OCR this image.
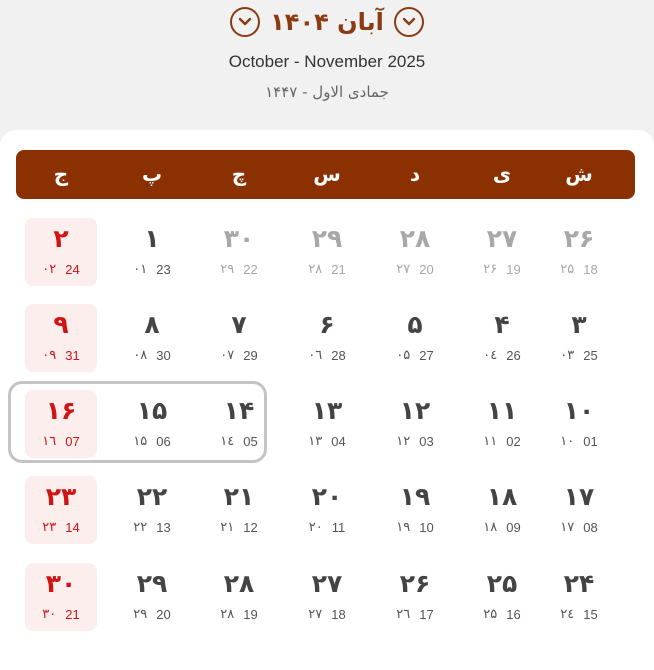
آبان ۱۴۰۴
October - November 2025
جمادی الاول - ۱۴۴۷
ش
ی
د
س
چ
پ
ج
۲۶
۲۵ 18
۲۷
۲۶ 19
۲۸
۲۷ 20
۲۹
۲۸ 21
۳۰
۲۹ 22
۱
۰۱ 23
۲
۰۲ 24
۳
۰۳ 25
۴
۰٤ 26
۵
۰۵ 27
۶
۰٦ 28
۷
۰۷ 29
۸
۰۸ 30
۹
۰۹ 31
۱۰
۱۰ 01
۱۱
۱۱ 02
۱۲
۱۲ 03
۱۳
۱۳ 04
۱۴
۱٤ 05
۱۵
۱۵ 06
۱۶
۱٦ 07
۱۷
۱۷ 08
۱۸
۱۸ 09
۱۹
۱۹ 10
۲۰
۲۰ 11
۲۱
۲۱ 12
۲۲
۲۲ 13
۲۳
۲۳ 14
۲۴
۲٤ 15
۲۵
۲۵ 16
۲۶
۲٦ 17
۲۷
۲۷ 18
۲۸
۲۸ 19
۲۹
۲۹ 20
۳۰
۳۰ 21
